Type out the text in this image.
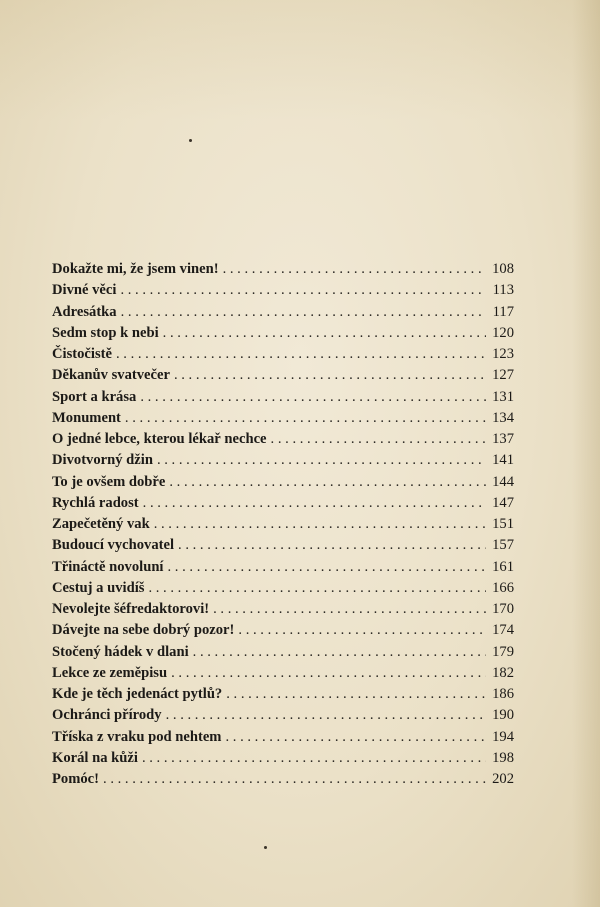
Dokažte mi, že jsem vinen! . . .	108
Divné věci . . .	113
Adresátka . . .	117
Sedm stop k nebi . . .	120
Čistočistě . . .	123
Děkanův svatvečer . . .	127
Sport a krása . . .	131
Monument . . .	134
O jedné lebce, kterou lékař nechce . . .	137
Divotvorný džin . . .	141
To je ovšem dobře . . .	144
Rychlá radost . . .	147
Zapečetěný vak . . .	151
Budoucí vychovatel . . .	157
Třináctě novoluní . . .	161
Cestuj a uvidíš . . .	166
Nevolejte šéfredaktorovi! . . .	170
Dávejte na sebe dobrý pozor! . . .	174
Stočený hádek v dlani . . .	179
Lekce ze zeměpisu . . .	182
Kde je těch jedenáct pytlů? . . .	186
Ochránci přírody . . .	190
Tříska z vraku pod nehtem . . .	194
Korál na kůži . . .	198
Pomóc! . . .	202
